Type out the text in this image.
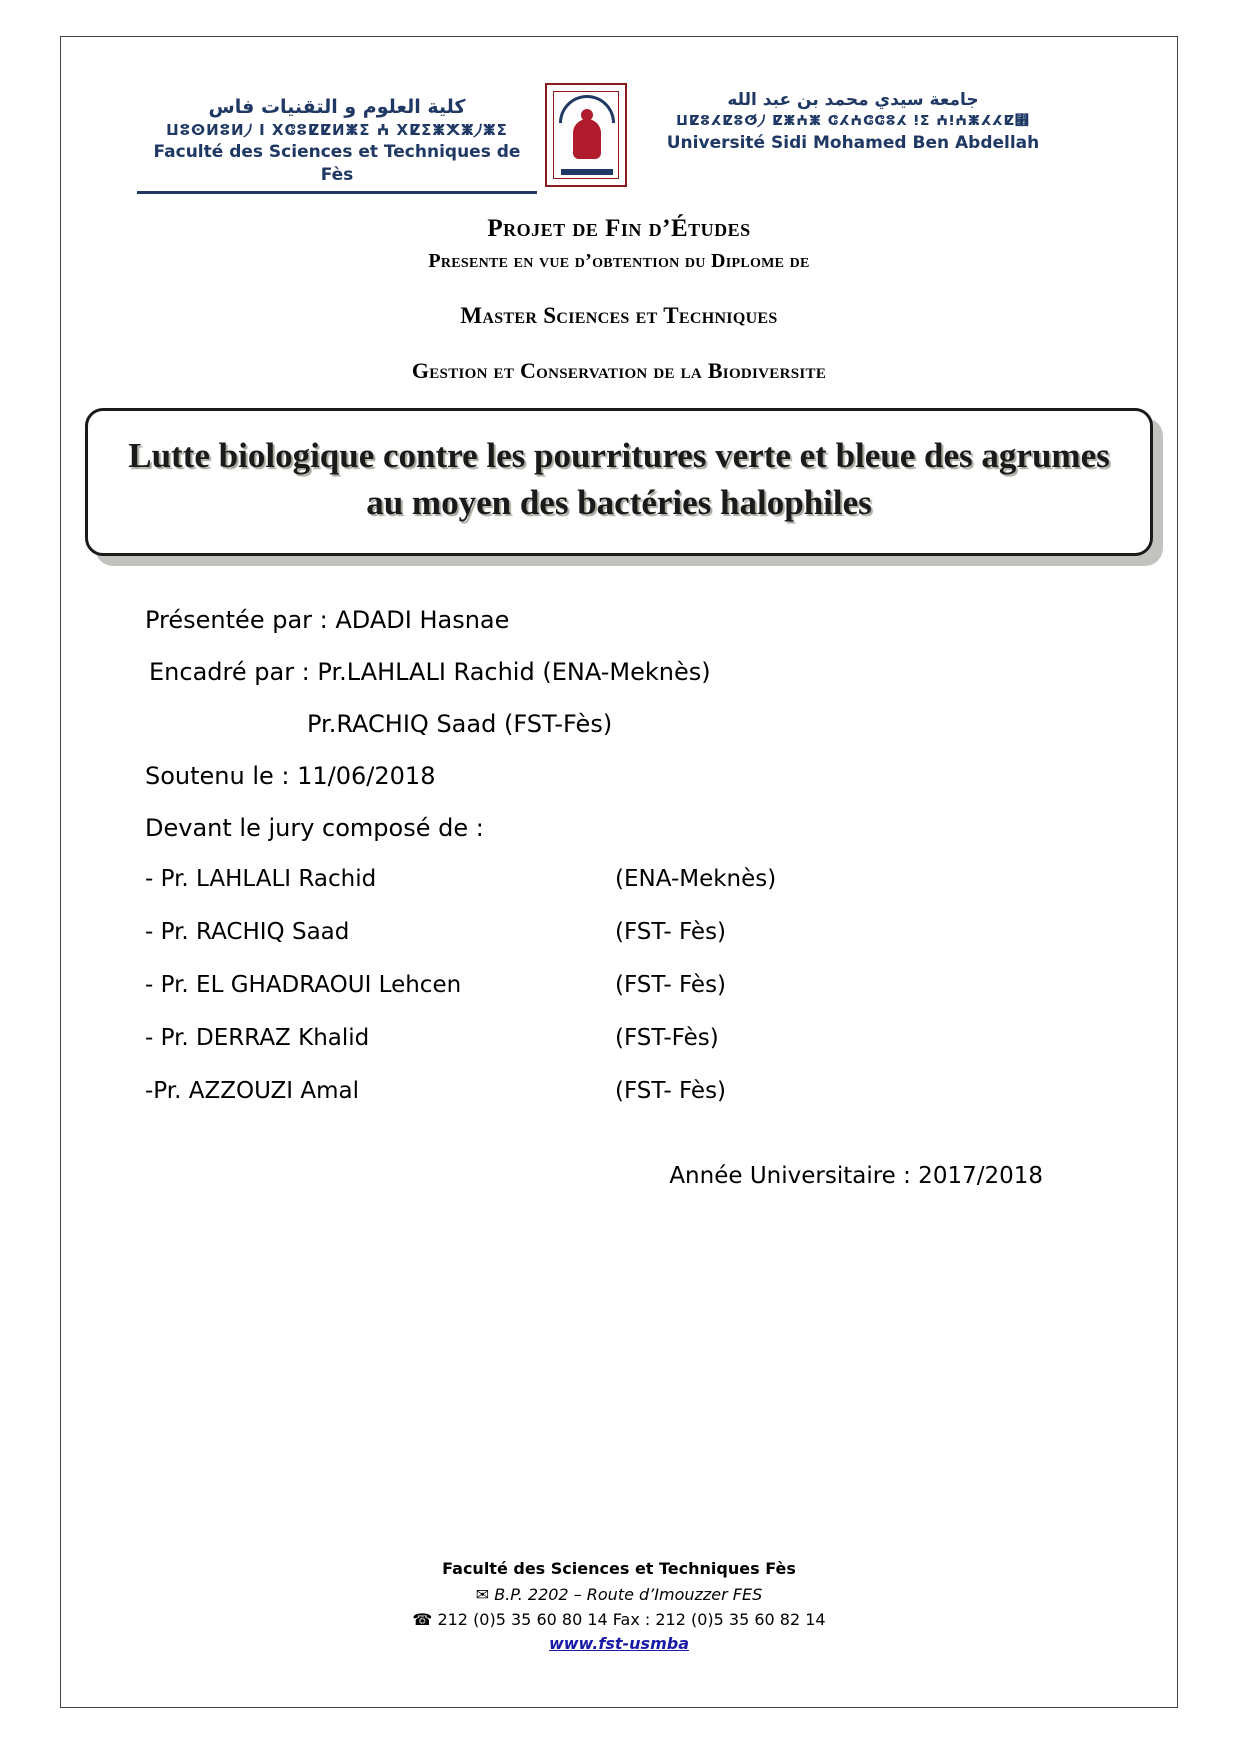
كلية العلوم و التقنيات فاس
ⵡⵓⵙⵍⵓⵍ⵰ Ⅰ ⵝⵛⵓⵇⵇⵍⵥⵉ ⵄ ⵝⵇⵉⵥⵅⵥ⵰ⵥⵉ
Faculté des Sciences et Techniques de Fès
جامعة سيدي محمد بن عبد الله
ⵡⵇⵓⵃⵇⵓⵚ⵰ ⵇⵥⵄⵥ ⵛⵃⵄⵛⵛⵓⵃ ⵑⵉ ⵄⵑⵄⵥⵃⵃⵇ⵫
Université Sidi Mohamed Ben Abdellah
Projet de Fin d’Études
Presente en vue d’obtention du Diplome de
Master Sciences et Techniques
Gestion et Conservation de la Biodiversite
Lutte biologique contre les pourritures verte et bleue des agrumes au moyen des bactéries halophiles
Présentée par : ADADI Hasnae
Encadré par : Pr.LAHLALI Rachid (ENA-Meknès)
Pr.RACHIQ Saad (FST-Fès)
Soutenu le : 11/06/2018
Devant le jury composé de :
- Pr. LAHLALI Rachid	(ENA-Meknès)
- Pr. RACHIQ Saad	(FST- Fès)
- Pr. EL GHADRAOUI Lehcen	(FST- Fès)
- Pr. DERRAZ Khalid	(FST-Fès)
-Pr. AZZOUZI Amal	(FST- Fès)
Année Universitaire : 2017/2018
Faculté des Sciences et Techniques Fès
✉ B.P. 2202 – Route d’Imouzzer FES
☎ 212 (0)5 35 60 80 14 Fax : 212 (0)5 35 60 82 14
www.fst-usmba
